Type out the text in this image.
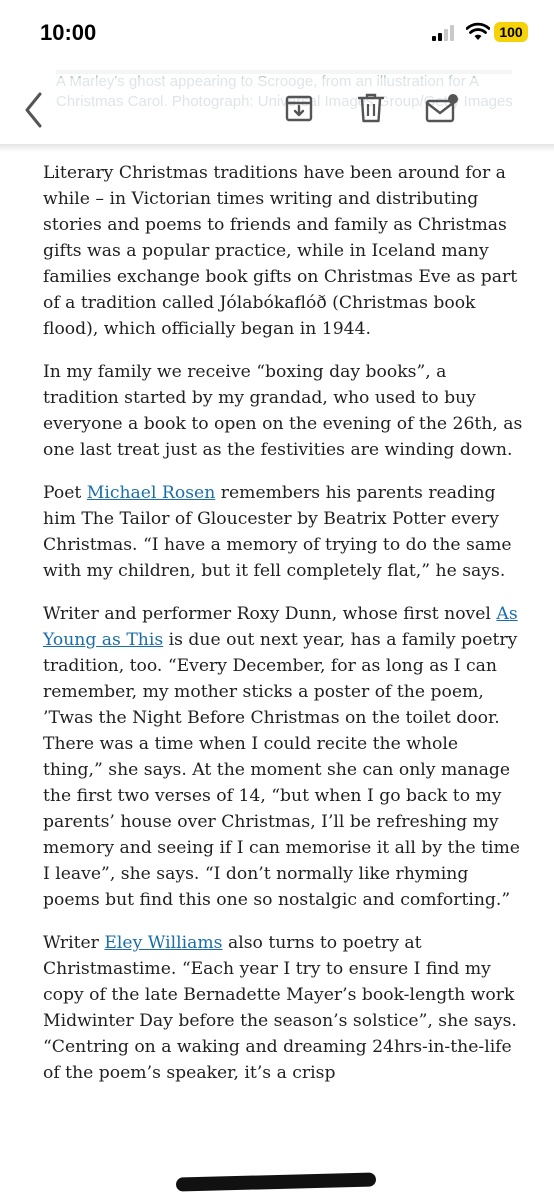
10:00	100

Literary Christmas traditions have been around for a while – in Victorian times writing and distributing stories and poems to friends and family as Christmas gifts was a popular practice, while in Iceland many families exchange book gifts on Christmas Eve as part of a tradition called Jólabókaflóð (Christmas book flood), which officially began in 1944.

In my family we receive “boxing day books”, a tradition started by my grandad, who used to buy everyone a book to open on the evening of the 26th, as one last treat just as the festivities are winding down.

Poet Michael Rosen remembers his parents reading him The Tailor of Gloucester by Beatrix Potter every Christmas. “I have a memory of trying to do the same with my children, but it fell completely flat,” he says.

Writer and performer Roxy Dunn, whose first novel As Young as This is due out next year, has a family poetry tradition, too. “Every December, for as long as I can remember, my mother sticks a poster of the poem, ’Twas the Night Before Christmas on the toilet door. There was a time when I could recite the whole thing,” she says. At the moment she can only manage the first two verses of 14, “but when I go back to my parents’ house over Christmas, I’ll be refreshing my memory and seeing if I can memorise it all by the time I leave”, she says. “I don’t normally like rhyming poems but find this one so nostalgic and comforting.”

Writer Eley Williams also turns to poetry at Christmastime. “Each year I try to ensure I find my copy of the late Bernadette Mayer’s book-length work Midwinter Day before the season’s solstice”, she says. “Centring on a waking and dreaming 24hrs-in-the-life of the poem’s speaker, it’s a crisp
